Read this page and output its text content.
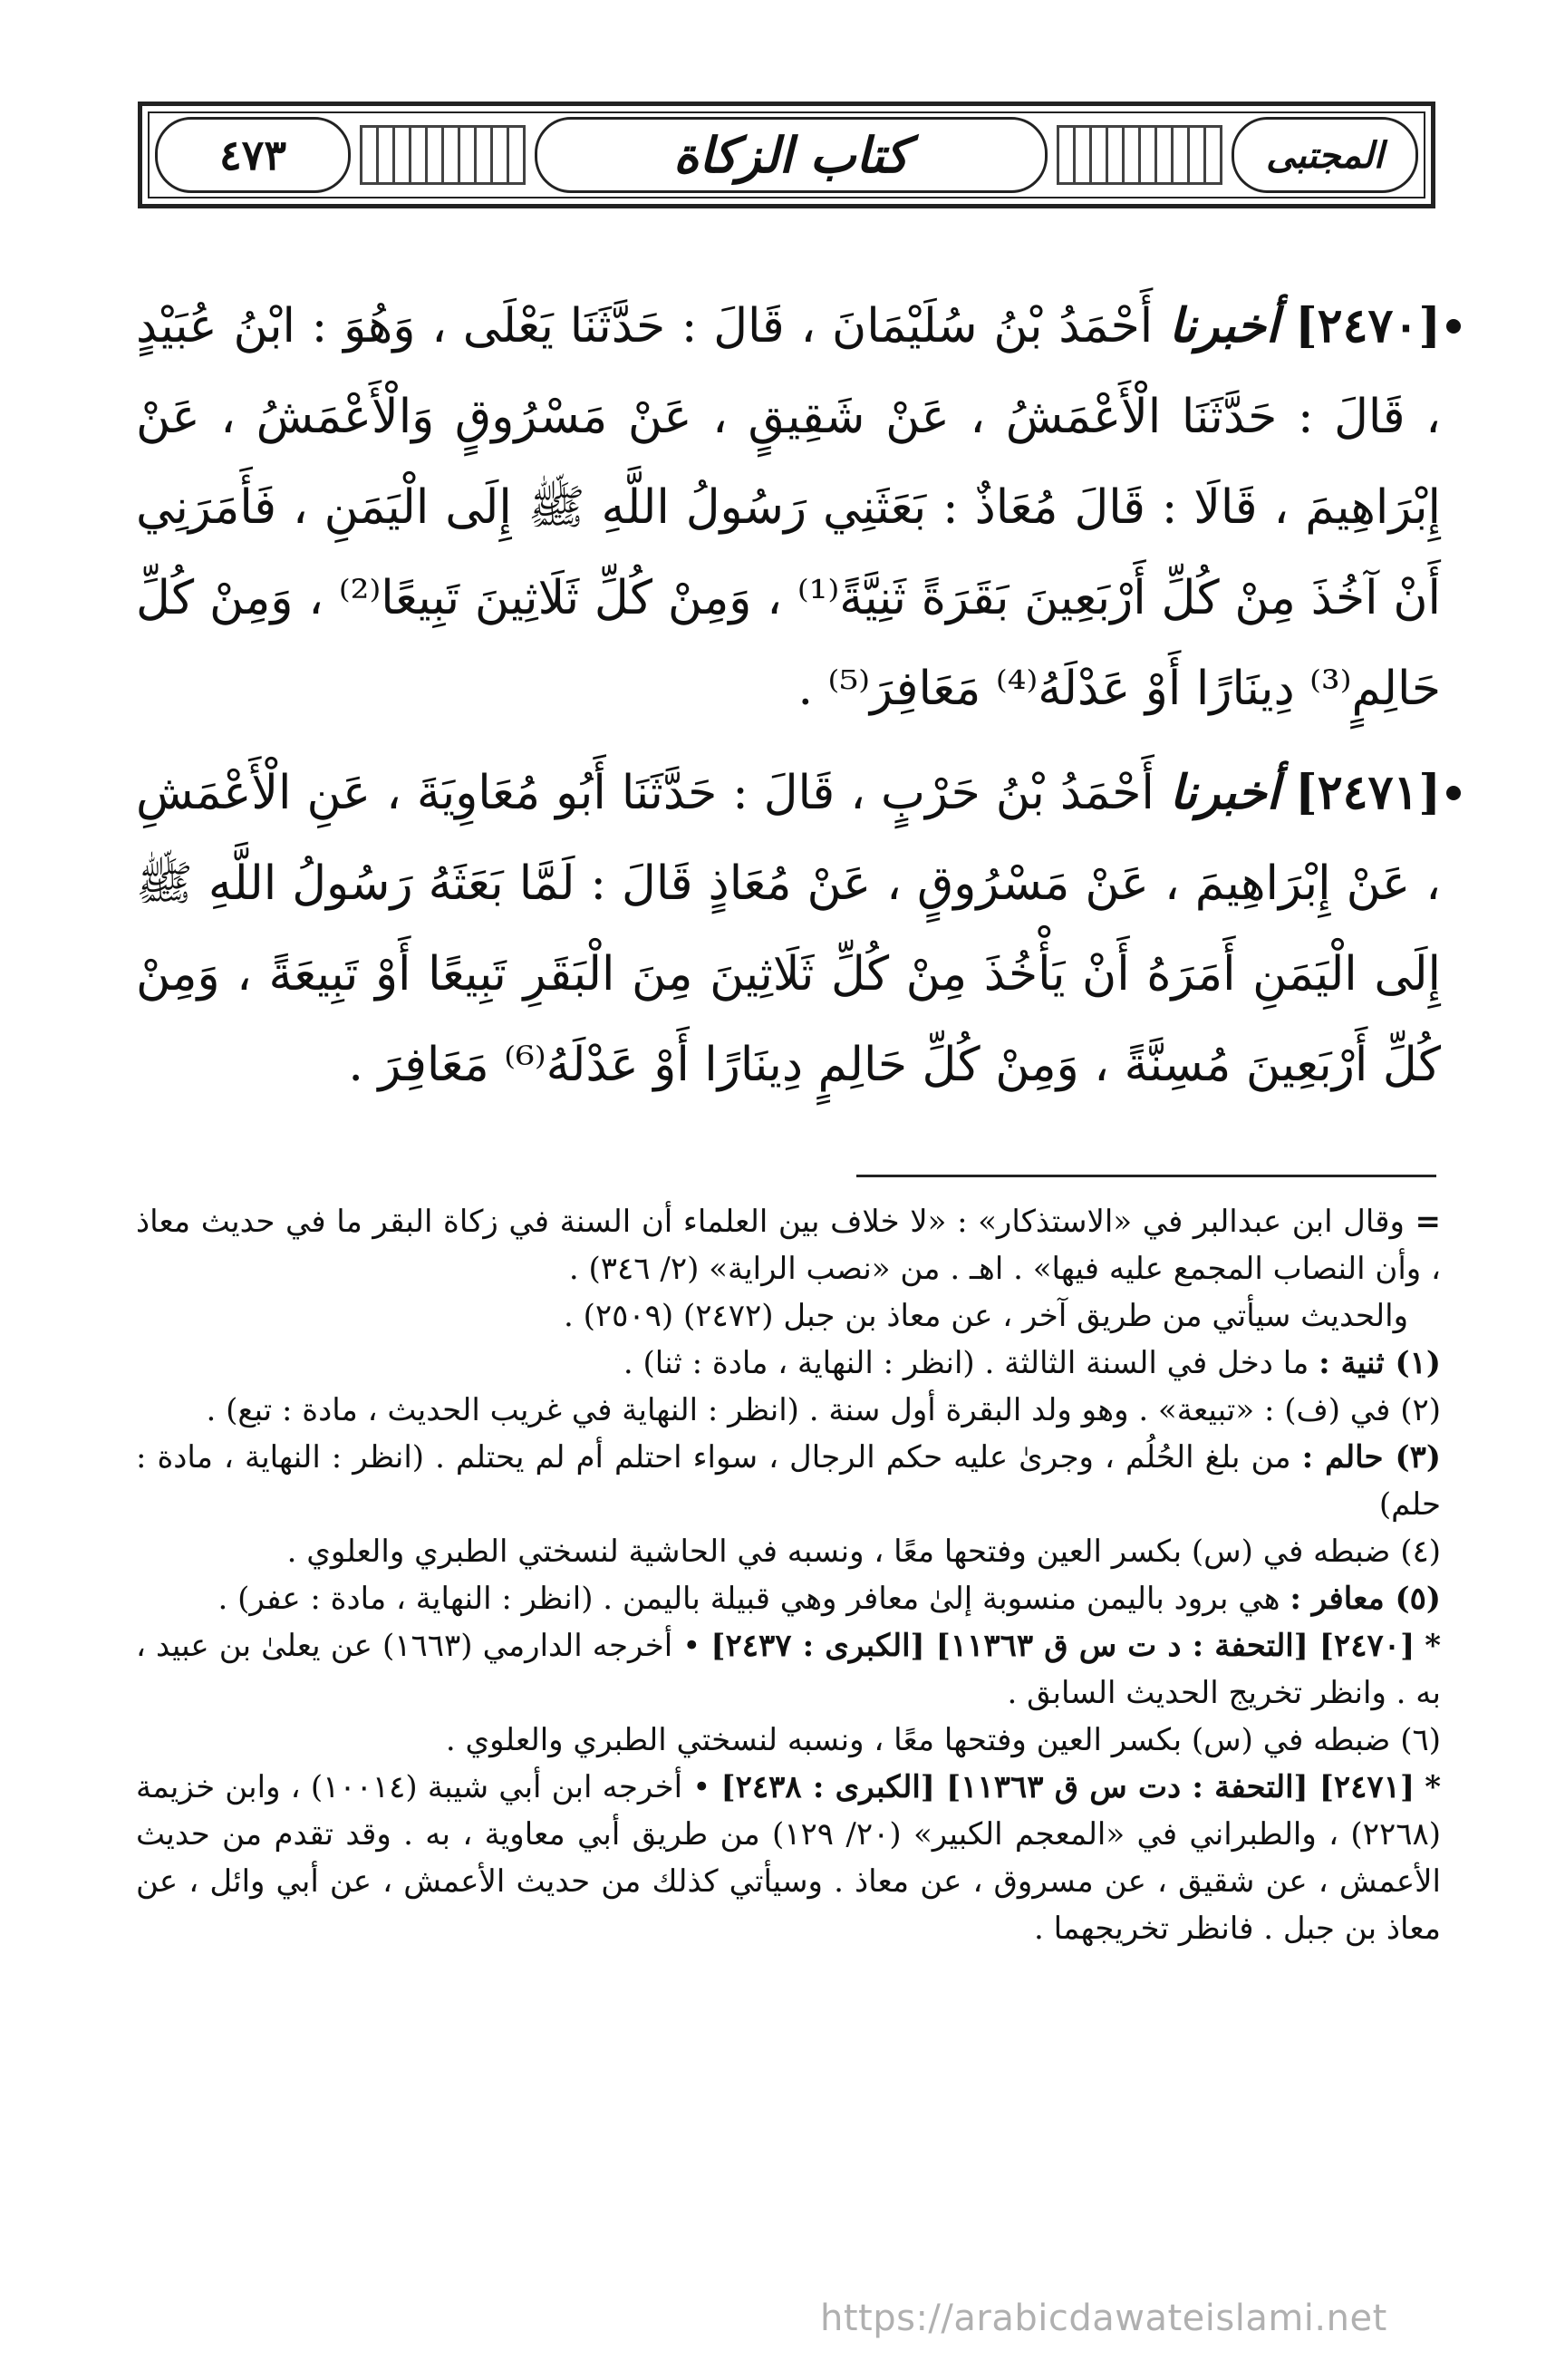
٤٧٣	كتاب الزكاة	المجتبى
[٢٤٧٠] أخبرنا أَحْمَدُ بْنُ سُلَيْمَانَ ، قَالَ : حَدَّثَنَا يَعْلَى ، وَهُوَ : ابْنُ عُبَيْدٍ ، قَالَ : حَدَّثَنَا الْأَعْمَشُ ، عَنْ شَقِيقٍ ، عَنْ مَسْرُوقٍ وَالْأَعْمَشُ ، عَنْ إِبْرَاهِيمَ ، قَالَا : قَالَ مُعَاذٌ : بَعَثَنِي رَسُولُ اللَّهِ ﷺ إِلَى الْيَمَنِ ، فَأَمَرَنِي أَنْ آخُذَ مِنْ كُلِّ أَرْبَعِينَ بَقَرَةً ثَنِيَّةً⁽¹⁾ ، وَمِنْ كُلِّ ثَلَاثِينَ تَبِيعًا⁽²⁾ ، وَمِنْ كُلِّ حَالِمٍ⁽³⁾ دِينَارًا أَوْ عَدْلَهُ⁽⁴⁾ مَعَافِرَ⁽⁵⁾ .
[٢٤٧١] أخبرنا أَحْمَدُ بْنُ حَرْبٍ ، قَالَ : حَدَّثَنَا أَبُو مُعَاوِيَةَ ، عَنِ الْأَعْمَشِ ، عَنْ إِبْرَاهِيمَ ، عَنْ مَسْرُوقٍ ، عَنْ مُعَاذٍ قَالَ : لَمَّا بَعَثَهُ رَسُولُ اللَّهِ ﷺ إِلَى الْيَمَنِ أَمَرَهُ أَنْ يَأْخُذَ مِنْ كُلِّ ثَلَاثِينَ مِنَ الْبَقَرِ تَبِيعًا أَوْ تَبِيعَةً ، وَمِنْ كُلِّ أَرْبَعِينَ مُسِنَّةً ، وَمِنْ كُلِّ حَالِمٍ دِينَارًا أَوْ عَدْلَهُ⁽⁶⁾ مَعَافِرَ .

= وقال ابن عبدالبر في «الاستذكار» : «لا خلاف بين العلماء أن السنة في زكاة البقر ما في حديث معاذ ، وأن النصاب المجمع عليه فيها» . اهـ . من «نصب الراية» (٢/ ٣٤٦) .

والحديث سيأتي من طريق آخر ، عن معاذ بن جبل (٢٤٧٢) (٢٥٠٩) .

(١) ثنية : ما دخل في السنة الثالثة . (انظر : النهاية ، مادة : ثنا) .

(٢) في (ف) : «تبيعة» . وهو ولد البقرة أول سنة . (انظر : النهاية في غريب الحديث ، مادة : تبع) .

(٣) حالم : من بلغ الحُلُم ، وجرىٰ عليه حكم الرجال ، سواء احتلم أم لم يحتلم . (انظر : النهاية ، مادة : حلم)

(٤) ضبطه في (س) بكسر العين وفتحها معًا ، ونسبه في الحاشية لنسختي الطبري والعلوي .

(٥) معافر : هي برود باليمن منسوبة إلىٰ معافر وهي قبيلة باليمن . (انظر : النهاية ، مادة : عفر) .

* [٢٤٧٠] [التحفة : د ت س ق ١١٣٦٣] [الكبرى : ٢٤٣٧] • أخرجه الدارمي (١٦٦٣) عن يعلىٰ بن عبيد ، به . وانظر تخريج الحديث السابق .

(٦) ضبطه في (س) بكسر العين وفتحها معًا ، ونسبه لنسختي الطبري والعلوي .

* [٢٤٧١] [التحفة : دت س ق ١١٣٦٣] [الكبرى : ٢٤٣٨] • أخرجه ابن أبي شيبة (١٠٠١٤) ، وابن خزيمة (٢٢٦٨) ، والطبراني في «المعجم الكبير» (٢٠/ ١٢٩) من طريق أبي معاوية ، به . وقد تقدم من حديث الأعمش ، عن شقيق ، عن مسروق ، عن معاذ . وسيأتي كذلك من حديث الأعمش ، عن أبي وائل ، عن معاذ بن جبل . فانظر تخريجهما .

https://arabicdawateislami.net
